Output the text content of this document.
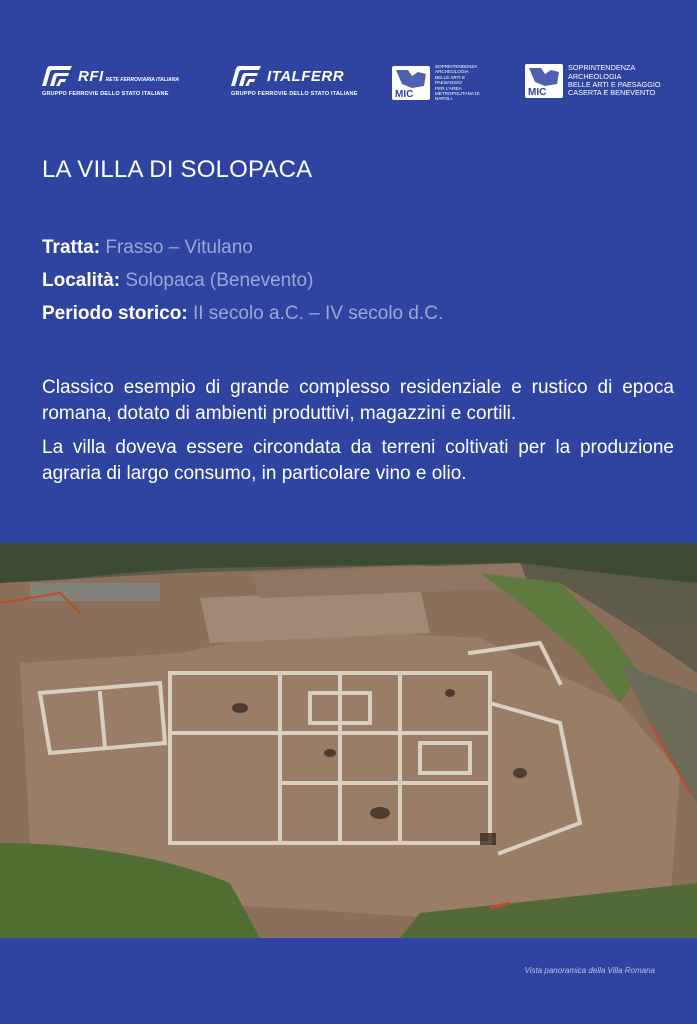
RFI RETE FERROVIARIA ITALIANA
GRUPPO FERROVIE DELLO STATO ITALIANE
ITALFERR
GRUPPO FERROVIE DELLO STATO ITALIANE	MIC
SOPRINTENDENZA
ARCHEOLOGIA
BELLE ARTI E
PAESAGGIO
PER L'AREA
METROPOLITANA DI
NAPOLI
MIC
SOPRINTENDENZA
ARCHEOLOGIA
BELLE ARTI E PAESAGGIO
CASERTA E BENEVENTO
LA VILLA DI SOLOPACA
Tratta: Frasso – Vitulano
Località: Solopaca (Benevento)
Periodo storico: II secolo a.C. – IV secolo d.C.

Classico esempio di grande complesso residenziale e rustico di epoca romana, dotato di ambienti produttivi, magazzini e cortili.

La villa doveva essere circondata da terreni coltivati per la produzione agraria di largo consumo, in particolare vino e olio.

Vista panoramica della Villa Romana
